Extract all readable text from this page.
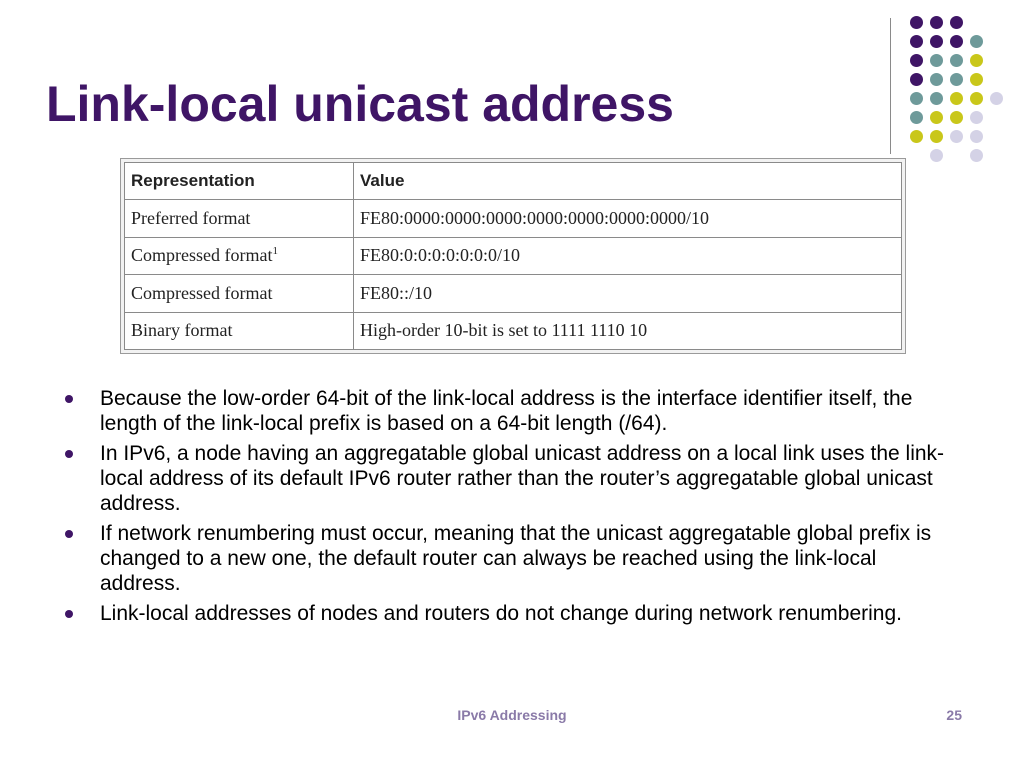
Link-local unicast address
Representation	Value
Preferred format	FE80:0000:0000:0000:0000:0000:0000:0000/10
Compressed format$^1$	FE80:0:0:0:0:0:0:0/10
Compressed format	FE80::/10
Binary format	High-order 10-bit is set to 1111 1110 10
Because the low-order 64-bit of the link-local address is the interface identifier itself, the length of the link-local prefix is based on a 64-bit length (/64).
In IPv6, a node having an aggregatable global unicast address on a local link uses the link-local address of its default IPv6 router rather than the router’s aggregatable global unicast address.
If network renumbering must occur, meaning that the unicast aggregatable global prefix is changed to a new one, the default router can always be reached using the link-local address.
Link-local addresses of nodes and routers do not change during network renumbering.
IPv6 Addressing	25
